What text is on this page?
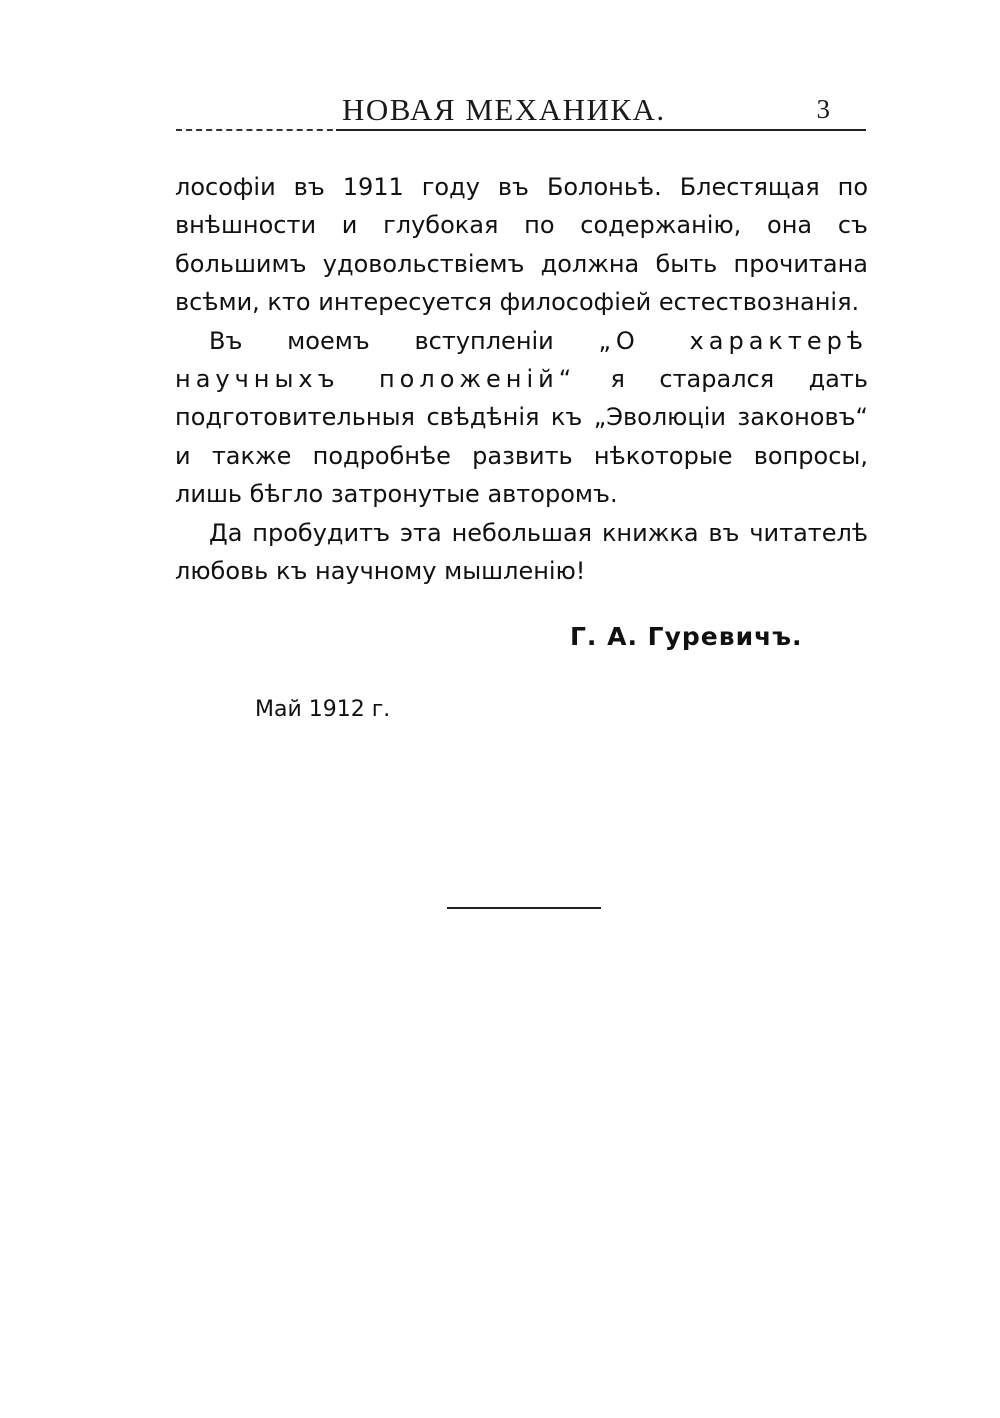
НОВАЯ МЕХАНИКА.	3

лософiи въ 1911 году въ Болоньѣ. Блестящая по внѣшности и глубокая по содержанiю, она съ большимъ удовольствiемъ должна быть прочитана всѣми, кто интересуется философiей естествознанiя.

Въ моемъ вступленiи „О характерѣ научныхъ положенiй“ я старался дать подготовительныя свѣдѣнiя къ „Эволюцiи законовъ“ и также подробнѣе развить нѣкоторые вопросы, лишь бѣгло затронутые авторомъ.

Да пробудитъ эта небольшая книжка въ читателѣ любовь къ научному мышленiю!

Г. А. Гуревичъ.
Май 1912 г.
